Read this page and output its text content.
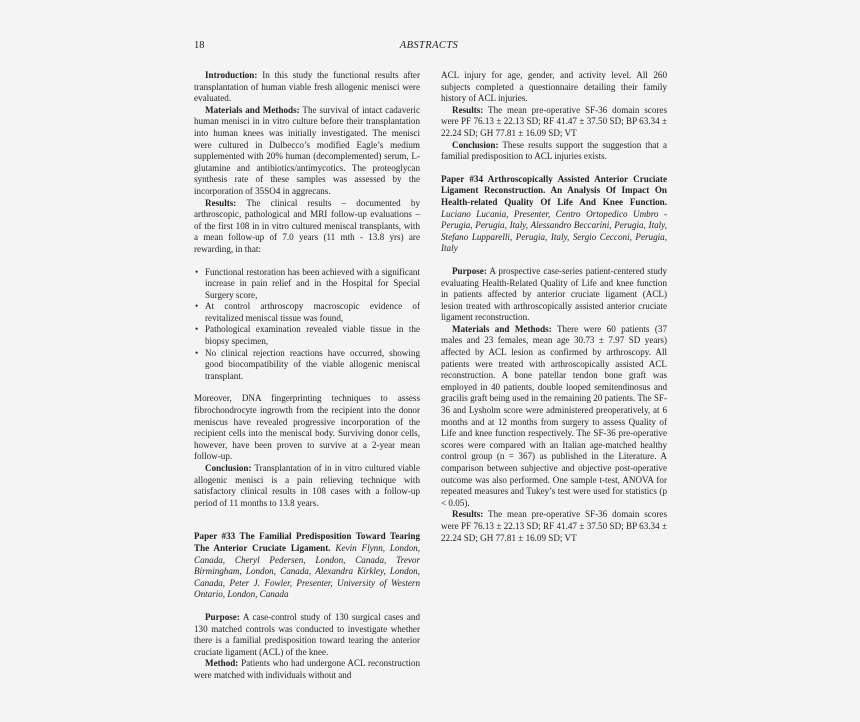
18	ABSTRACTS

Introduction: In this study the functional results after transplantation of human viable fresh allogenic menisci were evaluated.

Materials and Methods: The survival of intact cadaveric human menisci in in vitro culture before their transplantation into human knees was initially investigated. The menisci were cultured in Dulbecco’s modified Eagle’s medium supplemented with 20% human (decomplemented) serum, L-glutamine and antibiotics/antimycotics. The proteoglycan synthesis rate of these samples was assessed by the incorporation of 35SO4 in aggrecans.

Results: The clinical results – documented by arthroscopic, pathological and MRI follow-up evaluations – of the first 108 in in vitro cultured meniscal transplants, with a mean follow-up of 7.0 years (11 mth - 13.8 yrs) are rewarding, in that:

• Functional restoration has been achieved with a significant increase in pain relief and in the Hospital for Special Surgery score,
• At control arthroscopy macroscopic evidence of revitalized meniscal tissue was found,
• Pathological examination revealed viable tissue in the biopsy specimen,
• No clinical rejection reactions have occurred, showing good biocompatibility of the viable allogenic meniscal transplant.

Moreover, DNA fingerprinting techniques to assess fibrochondrocyte ingrowth from the recipient into the donor meniscus have revealed progressive incorporation of the recipient cells into the meniscal body. Surviving donor cells, however, have been proven to survive at a 2-year mean follow-up.

Conclusion: Transplantation of in in vitro cultured viable allogenic menisci is a pain relieving technique with satisfactory clinical results in 108 cases with a follow-up period of 11 months to 13.8 years.

Paper #33 The Familial Predisposition Toward Tearing The Anterior Cruciate Ligament. Kevin Flynn, London, Canada, Cheryl Pedersen, London, Canada, Trevor Birmingham, London, Canada, Alexandra Kirkley, London, Canada, Peter J. Fowler, Presenter, University of Western Ontario, London, Canada

Purpose: A case-control study of 130 surgical cases and 130 matched controls was conducted to investigate whether there is a familial predisposition toward tearing the anterior cruciate ligament (ACL) of the knee.

Method: Patients who had undergone ACL reconstruction were matched with individuals without and

ACL injury for age, gender, and activity level. All 260 subjects completed a questionnaire detailing their family history of ACL injuries.

Results: The mean pre-operative SF-36 domain scores were PF 76.13 ± 22.13 SD; RF 41.47 ± 37.50 SD; BP 63.34 ± 22.24 SD; GH 77.81 ± 16.09 SD; VT

Conclusion: These results support the suggestion that a familial predisposition to ACL injuries exists.

Paper #34 Arthroscopically Assisted Anterior Cruciate Ligament Reconstruction. An Analysis Of Impact On Health-related Quality Of Life And Knee Function. Luciano Lucania, Presenter, Centro Ortopedico Umbro - Perugia, Perugia, Italy, Alessandro Beccarini, Perugia, Italy, Stefano Lupparelli, Perugia, Italy, Sergio Cecconi, Perugia, Italy

Purpose: A prospective case-series patient-centered study evaluating Health-Related Quality of Life and knee function in patients affected by anterior cruciate ligament (ACL) lesion treated with arthroscopically assisted anterior cruciate ligament reconstruction.

Materials and Methods: There were 60 patients (37 males and 23 females, mean age 30.73 ± 7.97 SD years) affected by ACL lesion as confirmed by arthroscopy. All patients were treated with arthroscopically assisted ACL reconstruction. A bone patellar tendon bone graft was employed in 40 patients, double looped semitendinosus and gracilis graft being used in the remaining 20 patients. The SF-36 and Lysholm score were administered preoperatively, at 6 months and at 12 months from surgery to assess Quality of Life and knee function respectively. The SF-36 pre-operative scores were compared with an Italian age-matched healthy control group (n = 367) as published in the Literature. A comparison between subjective and objective post-operative outcome was also performed. One sample t-test, ANOVA for repeated measures and Tukey’s test were used for statistics (p < 0.05).

Results: The mean pre-operative SF-36 domain scores were PF 76.13 ± 22.13 SD; RF 41.47 ± 37.50 SD; BP 63.34 ± 22.24 SD; GH 77.81 ± 16.09 SD; VT
